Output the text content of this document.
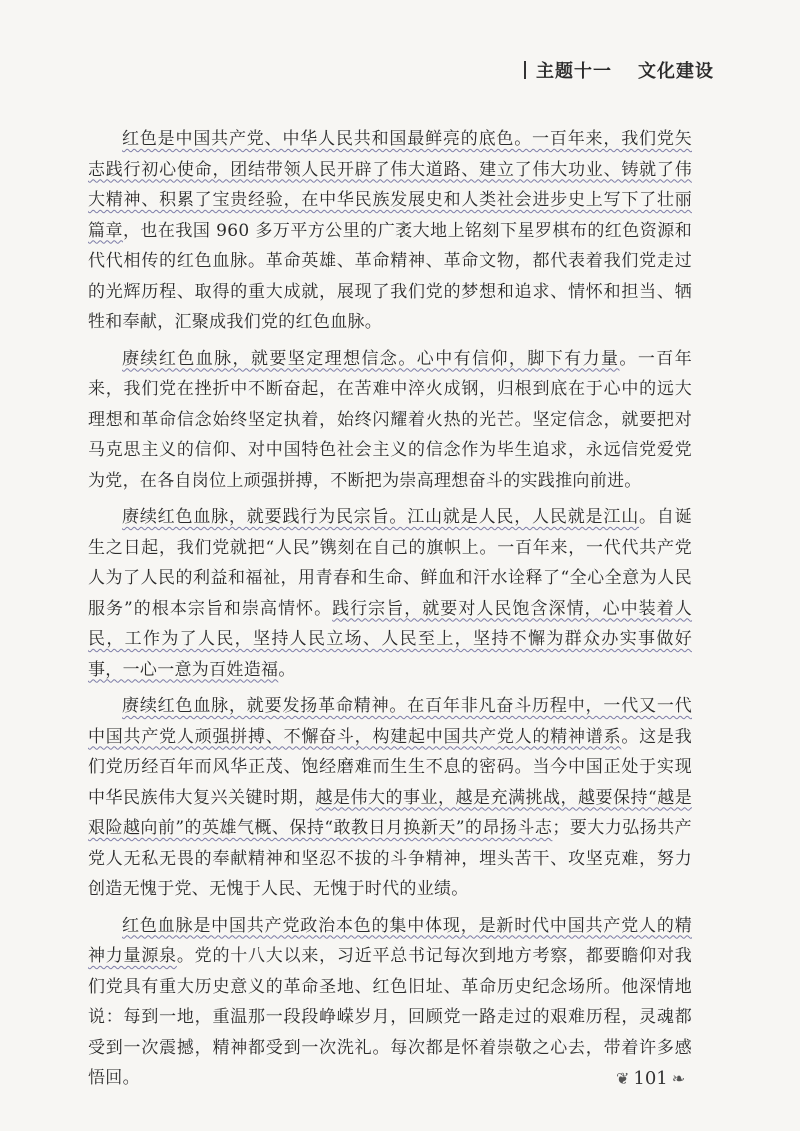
主题十一 文化建设

红色是中国共产党、中华人民共和国最鲜亮的底色。一百年来，我们党矢志践行初心使命，团结带领人民开辟了伟大道路、建立了伟大功业、铸就了伟大精神、积累了宝贵经验，在中华民族发展史和人类社会进步史上写下了壮丽篇章，也在我国 960 多万平方公里的广袤大地上铭刻下星罗棋布的红色资源和代代相传的红色血脉。革命英雄、革命精神、革命文物，都代表着我们党走过的光辉历程、取得的重大成就，展现了我们党的梦想和追求、情怀和担当、牺牲和奉献，汇聚成我们党的红色血脉。

赓续红色血脉，就要坚定理想信念。心中有信仰，脚下有力量。一百年来，我们党在挫折中不断奋起，在苦难中淬火成钢，归根到底在于心中的远大理想和革命信念始终坚定执着，始终闪耀着火热的光芒。坚定信念，就要把对马克思主义的信仰、对中国特色社会主义的信念作为毕生追求，永远信党爱党为党，在各自岗位上顽强拼搏，不断把为崇高理想奋斗的实践推向前进。

赓续红色血脉，就要践行为民宗旨。江山就是人民，人民就是江山。自诞生之日起，我们党就把“人民”镌刻在自己的旗帜上。一百年来，一代代共产党人为了人民的利益和福祉，用青春和生命、鲜血和汗水诠释了“全心全意为人民服务”的根本宗旨和崇高情怀。践行宗旨，就要对人民饱含深情，心中装着人民，工作为了人民，坚持人民立场、人民至上，坚持不懈为群众办实事做好事，一心一意为百姓造福。

赓续红色血脉，就要发扬革命精神。在百年非凡奋斗历程中，一代又一代中国共产党人顽强拼搏、不懈奋斗，构建起中国共产党人的精神谱系。这是我们党历经百年而风华正茂、饱经磨难而生生不息的密码。当今中国正处于实现中华民族伟大复兴关键时期，越是伟大的事业，越是充满挑战，越要保持“越是艰险越向前”的英雄气概、保持“敢教日月换新天”的昂扬斗志；要大力弘扬共产党人无私无畏的奉献精神和坚忍不拔的斗争精神，埋头苦干、攻坚克难，努力创造无愧于党、无愧于人民、无愧于时代的业绩。

红色血脉是中国共产党政治本色的集中体现，是新时代中国共产党人的精神力量源泉。党的十八大以来，习近平总书记每次到地方考察，都要瞻仰对我们党具有重大历史意义的革命圣地、红色旧址、革命历史纪念场所。他深情地说：每到一地，重温那一段段峥嵘岁月，回顾党一路走过的艰难历程，灵魂都受到一次震撼，精神都受到一次洗礼。每次都是怀着崇敬之心去，带着许多感悟回。	❦ 101 ❧
